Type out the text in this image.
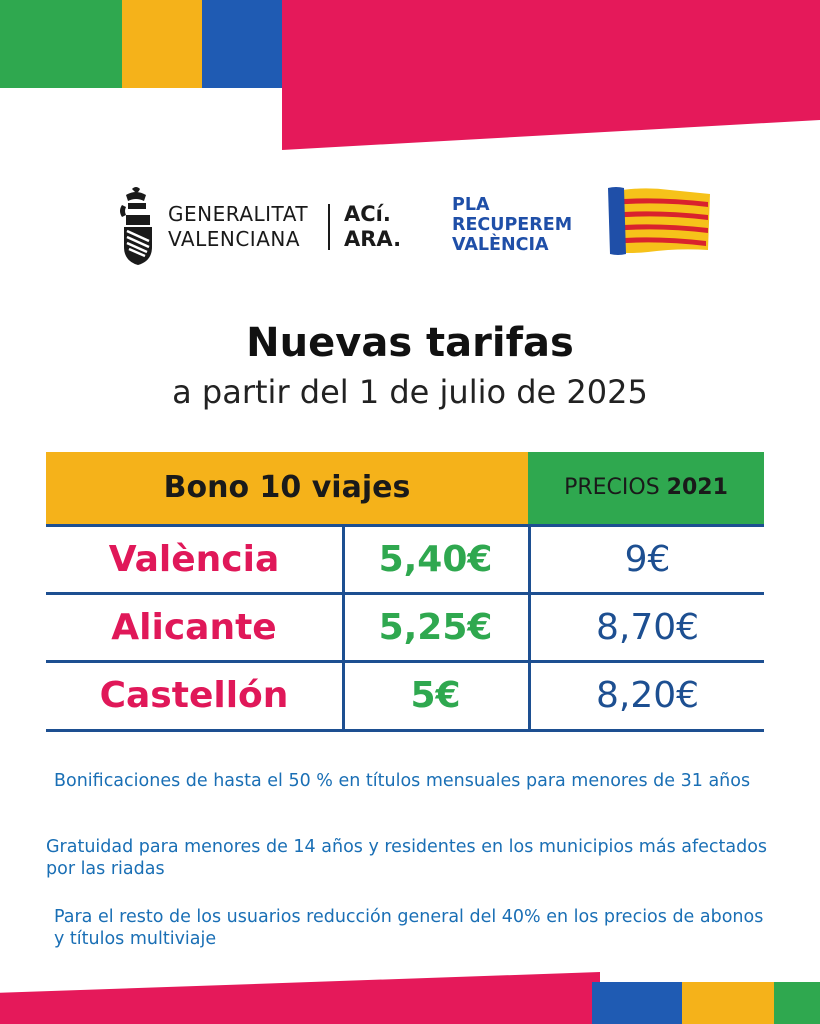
GENERALITAT
VALENCIANA
ACí.
ARA.
PLA
RECUPEREM
VALÈNCIA
Nuevas tarifas
a partir del 1 de julio de 2025
Bono 10 viajes	PRECIOS 2021
València	5,40€	9€
Alicante	5,25€	8,70€
Castellón	5€	8,20€
Bonificaciones de hasta el 50 % en títulos mensuales para menores de 31 años
Gratuidad para menores de 14 años y residentes en los municipios más afectados por las riadas
Para el resto de los usuarios reducción general del 40% en los precios de abonos y títulos multiviaje
